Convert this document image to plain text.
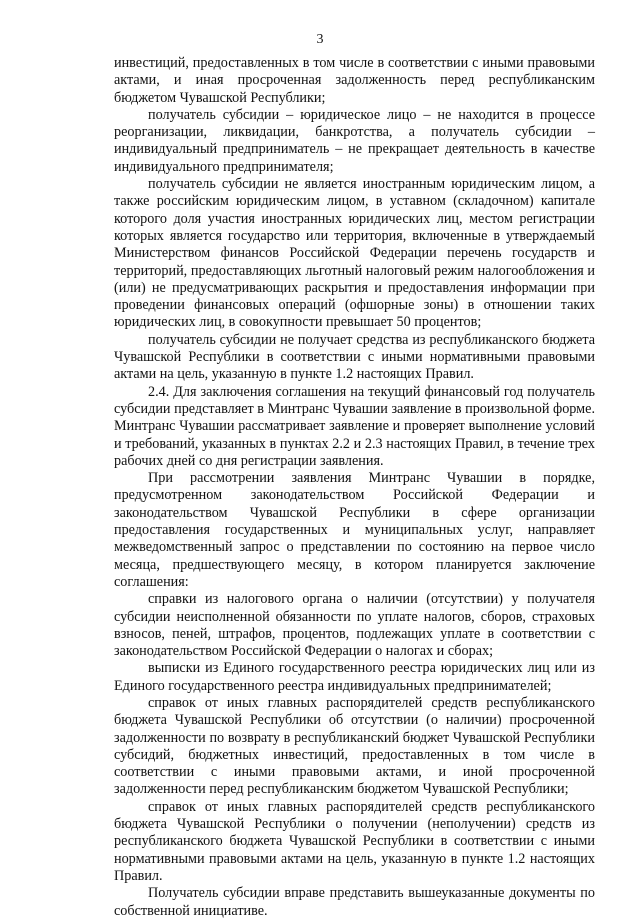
3

инвестиций, предоставленных в том числе в соответствии с иными правовыми актами, и иная просроченная задолженность перед республиканским бюджетом Чувашской Республики;

получатель субсидии – юридическое лицо – не находится в процессе реорганизации, ликвидации, банкротства, а получатель субсидии – индивидуальный предприниматель – не прекращает деятельность в качестве индивидуального предпринимателя;

получатель субсидии не является иностранным юридическим лицом, а также российским юридическим лицом, в уставном (складочном) капитале которого доля участия иностранных юридических лиц, местом регистрации которых является государство или территория, включенные в утверждаемый Министерством финансов Российской Федерации перечень государств и территорий, предоставляющих льготный налоговый режим налогообложения и (или) не предусматривающих раскрытия и предоставления информации при проведении финансовых операций (офшорные зоны) в отношении таких юридических лиц, в совокупности превышает 50 процентов;

получатель субсидии не получает средства из республиканского бюджета Чувашской Республики в соответствии с иными нормативными правовыми актами на цель, указанную в пункте 1.2 настоящих Правил.

2.4. Для заключения соглашения на текущий финансовый год получатель субсидии представляет в Минтранс Чувашии заявление в произвольной форме. Минтранс Чувашии рассматривает заявление и проверяет выполнение условий и требований, указанных в пунктах 2.2 и 2.3 настоящих Правил, в течение трех рабочих дней со дня регистрации заявления.

При рассмотрении заявления Минтранс Чувашии в порядке, предусмотренном законодательством Российской Федерации и законодательством Чувашской Республики в сфере организации предоставления государственных и муниципальных услуг, направляет межведомственный запрос о представлении по состоянию на первое число месяца, предшествующего месяцу, в котором планируется заключение соглашения:

справки из налогового органа о наличии (отсутствии) у получателя субсидии неисполненной обязанности по уплате налогов, сборов, страховых взносов, пеней, штрафов, процентов, подлежащих уплате в соответствии с законодательством Российской Федерации о налогах и сборах;

выписки из Единого государственного реестра юридических лиц или из Единого государственного реестра индивидуальных предпринимателей;

справок от иных главных распорядителей средств республиканского бюджета Чувашской Республики об отсутствии (о наличии) просроченной задолженности по возврату в республиканский бюджет Чувашской Республики субсидий, бюджетных инвестиций, предоставленных в том числе в соответствии с иными правовыми актами, и иной просроченной задолженности перед республиканским бюджетом Чувашской Республики;

справок от иных главных распорядителей средств республиканского бюджета Чувашской Республики о получении (неполучении) средств из республиканского бюджета Чувашской Республики в соответствии с иными нормативными правовыми актами на цель, указанную в пункте 1.2 настоящих Правил.

Получатель субсидии вправе представить вышеуказанные документы по собственной инициативе.
